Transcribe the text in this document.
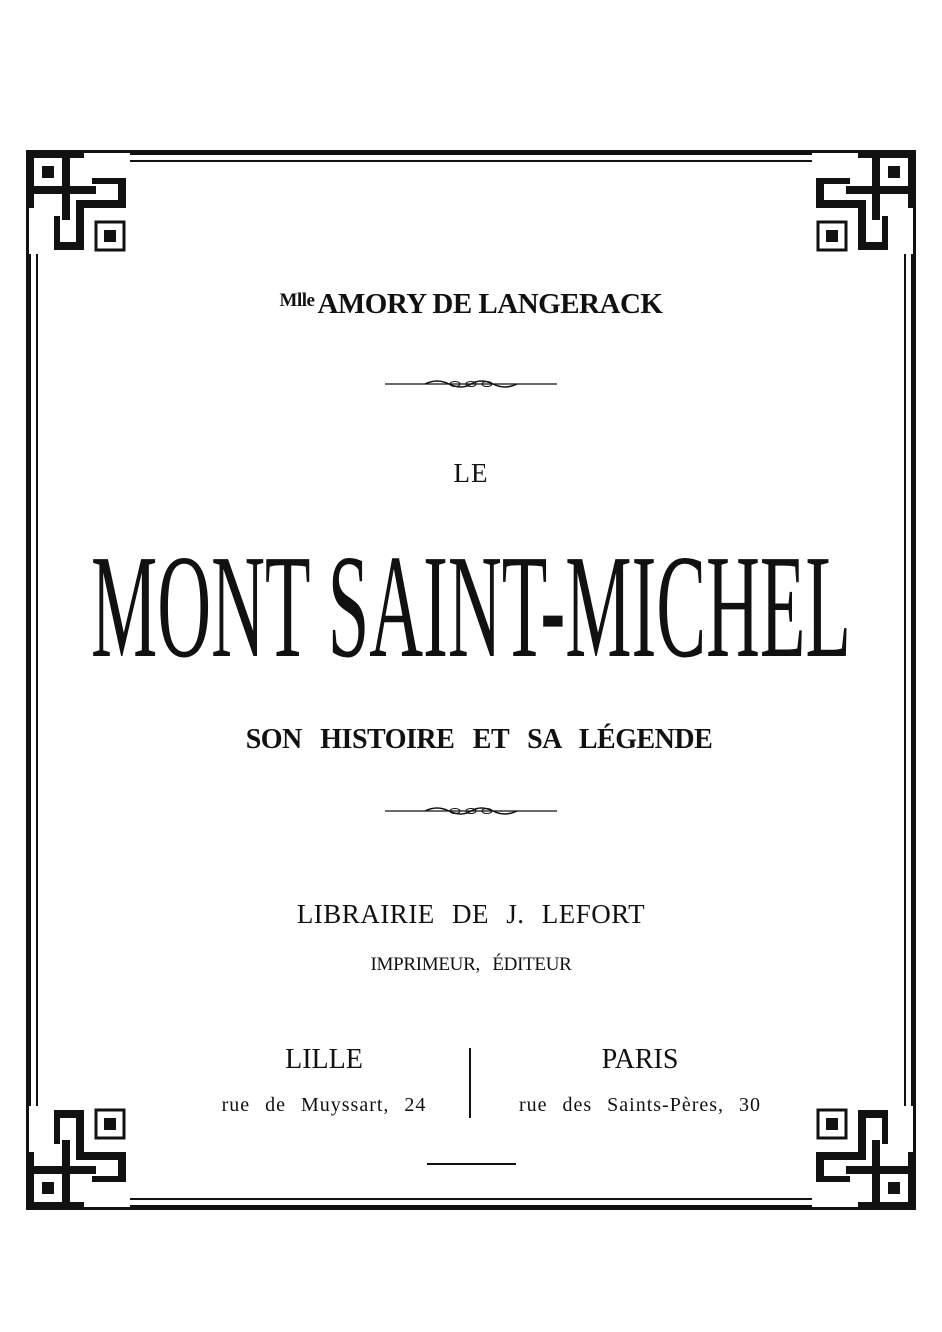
$^{Mlle}$ AMORY DE LANGERACK
LE
MONT SAINT-MICHEL
SON HISTOIRE ET SA LÉGENDE
LIBRAIRIE DE J. LEFORT
IMPRIMEUR, ÉDITEUR
LILLE	PARIS
rue de Muyssart, 24	rue des Saints-Pères, 30
